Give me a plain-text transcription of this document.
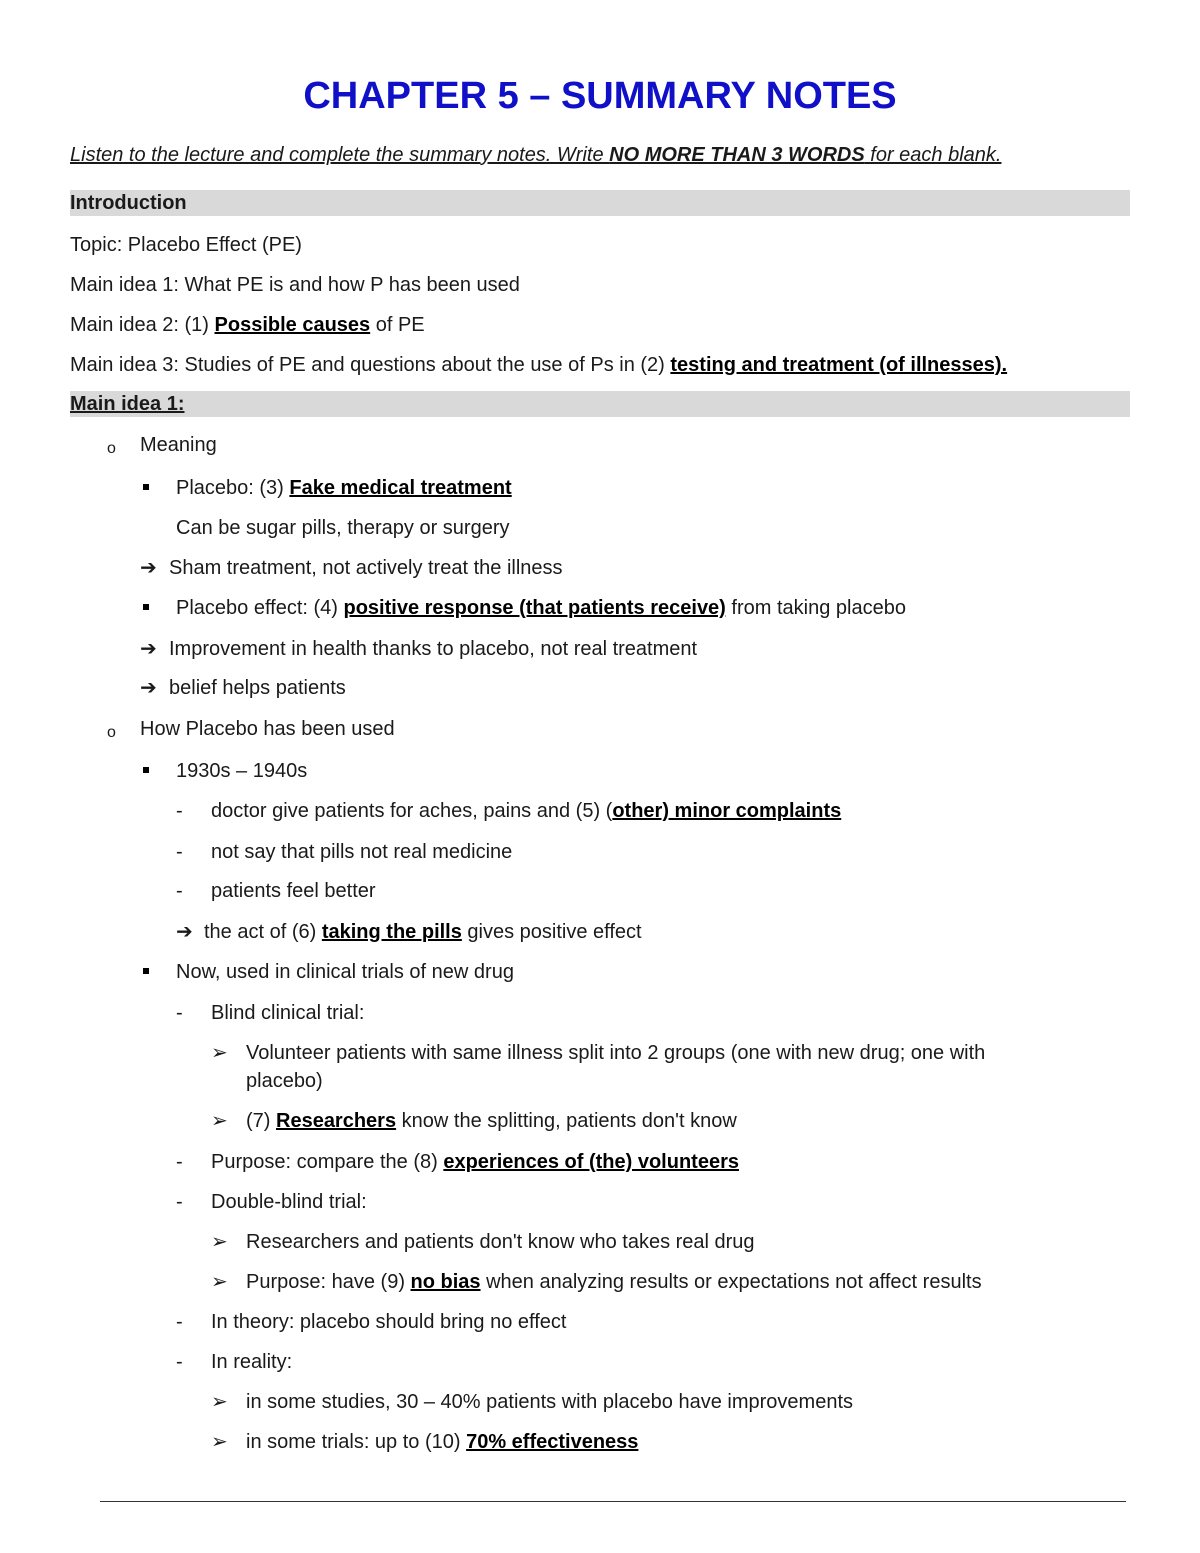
CHAPTER 5 – SUMMARY NOTES
Listen to the lecture and complete the summary notes. Write NO MORE THAN 3 WORDS for each blank.
Introduction
Topic: Placebo Effect (PE)
Main idea 1: What PE is and how P has been used
Main idea 2: (1) Possible causes of PE
Main idea 3: Studies of PE and questions about the use of Ps in (2) testing and treatment (of illnesses).
Main idea 1:
o Meaning
Placebo: (3) Fake medical treatment
Can be sugar pills, therapy or surgery
➔ Sham treatment, not actively treat the illness
Placebo effect: (4) positive response (that patients receive) from taking placebo
➔ Improvement in health thanks to placebo, not real treatment
➔ belief helps patients
o How Placebo has been used
1930s – 1940s
- doctor give patients for aches, pains and (5) (other) minor complaints
- not say that pills not real medicine
- patients feel better
➔ the act of (6) taking the pills gives positive effect
Now, used in clinical trials of new drug
- Blind clinical trial:
➢ Volunteer patients with same illness split into 2 groups (one with new drug; one with
placebo)
➢ (7) Researchers know the splitting, patients don't know
- Purpose: compare the (8) experiences of (the) volunteers
- Double-blind trial:
➢ Researchers and patients don't know who takes real drug
➢ Purpose: have (9) no bias when analyzing results or expectations not affect results
- In theory: placebo should bring no effect
- In reality:
➢ in some studies, 30 – 40% patients with placebo have improvements
➢ in some trials: up to (10) 70% effectiveness
